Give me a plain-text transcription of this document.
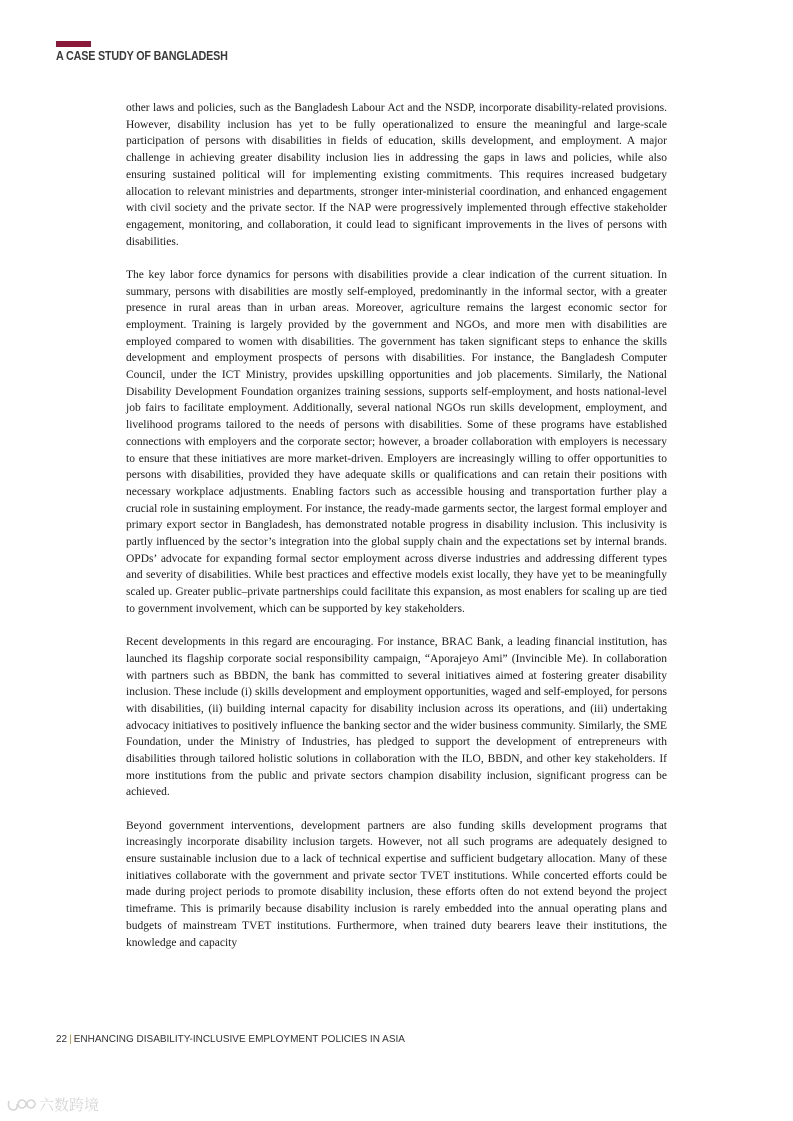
A CASE STUDY OF BANGLADESH

other laws and policies, such as the Bangladesh Labour Act and the NSDP, incorporate disability-related provisions. However, disability inclusion has yet to be fully operationalized to ensure the meaningful and large-scale participation of persons with disabilities in fields of education, skills development, and employment. A major challenge in achieving greater disability inclusion lies in addressing the gaps in laws and policies, while also ensuring sustained political will for implementing existing commitments. This requires increased budgetary allocation to relevant ministries and departments, stronger inter-ministerial coordination, and enhanced engagement with civil society and the private sector. If the NAP were progressively implemented through effective stakeholder engagement, monitoring, and collaboration, it could lead to significant improvements in the lives of persons with disabilities.

The key labor force dynamics for persons with disabilities provide a clear indication of the current situation. In summary, persons with disabilities are mostly self-employed, predominantly in the informal sector, with a greater presence in rural areas than in urban areas. Moreover, agriculture remains the largest economic sector for employment. Training is largely provided by the government and NGOs, and more men with disabilities are employed compared to women with disabilities. The government has taken significant steps to enhance the skills development and employment prospects of persons with disabilities. For instance, the Bangladesh Computer Council, under the ICT Ministry, provides upskilling opportunities and job placements. Similarly, the National Disability Development Foundation organizes training sessions, supports self-employment, and hosts national-level job fairs to facilitate employment. Additionally, several national NGOs run skills development, employment, and livelihood programs tailored to the needs of persons with disabilities. Some of these programs have established connections with employers and the corporate sector; however, a broader collaboration with employers is necessary to ensure that these initiatives are more market-driven. Employers are increasingly willing to offer opportunities to persons with disabilities, provided they have adequate skills or qualifications and can retain their positions with necessary workplace adjustments. Enabling factors such as accessible housing and transportation further play a crucial role in sustaining employment. For instance, the ready-made garments sector, the largest formal employer and primary export sector in Bangladesh, has demonstrated notable progress in disability inclusion. This inclusivity is partly influenced by the sector’s integration into the global supply chain and the expectations set by internal brands. OPDs’ advocate for expanding formal sector employment across diverse industries and addressing different types and severity of disabilities. While best practices and effective models exist locally, they have yet to be meaningfully scaled up. Greater public–private partnerships could facilitate this expansion, as most enablers for scaling up are tied to government involvement, which can be supported by key stakeholders.

Recent developments in this regard are encouraging. For instance, BRAC Bank, a leading financial institution, has launched its flagship corporate social responsibility campaign, “Aporajeyo Ami” (Invincible Me). In collaboration with partners such as BBDN, the bank has committed to several initiatives aimed at fostering greater disability inclusion. These include (i) skills development and employment opportunities, waged and self-employed, for persons with disabilities, (ii) building internal capacity for disability inclusion across its operations, and (iii) undertaking advocacy initiatives to positively influence the banking sector and the wider business community. Similarly, the SME Foundation, under the Ministry of Industries, has pledged to support the development of entrepreneurs with disabilities through tailored holistic solutions in collaboration with the ILO, BBDN, and other key stakeholders. If more institutions from the public and private sectors champion disability inclusion, significant progress can be achieved.

Beyond government interventions, development partners are also funding skills development programs that increasingly incorporate disability inclusion targets. However, not all such programs are adequately designed to ensure sustainable inclusion due to a lack of technical expertise and sufficient budgetary allocation. Many of these initiatives collaborate with the government and private sector TVET institutions. While concerted efforts could be made during project periods to promote disability inclusion, these efforts often do not extend beyond the project timeframe. This is primarily because disability inclusion is rarely embedded into the annual operating plans and budgets of mainstream TVET institutions. Furthermore, when trained duty bearers leave their institutions, the knowledge and capacity

22 | ENHANCING DISABILITY-INCLUSIVE EMPLOYMENT POLICIES IN ASIA
六数跨境
